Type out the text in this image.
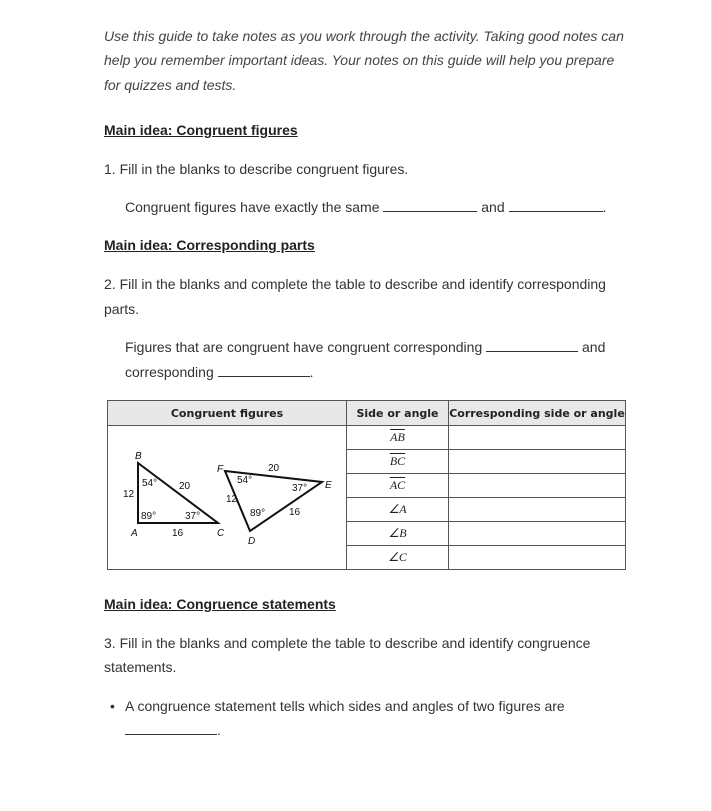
Use this guide to take notes as you work through the activity. Taking good notes can
help you remember important ideas. Your notes on this guide will help you prepare
for quizzes and tests.
Main idea: Congruent figures
1. Fill in the blanks to describe congruent figures.
Congruent figures have exactly the same	and	.
Main idea: Corresponding parts
2. Fill in the blanks and complete the table to describe and identify corresponding
parts.
Figures that are congruent have congruent corresponding	and
corresponding	.
Congruent figures	Side or angle	Corresponding side or angle
	$\overline{AB}$	
	$\overline{BC}$	
	$\overline{AC}$	
	∠A	
	∠B	
	∠C	
B
A	C
12
20
16
89°
54°
37°
F
E
D
12
20
16
89°
37°
54°
Main idea: Congruence statements
3. Fill in the blanks and complete the table to describe and identify congruence
statements.
• A congruence statement tells which sides and angles of two figures are
.
